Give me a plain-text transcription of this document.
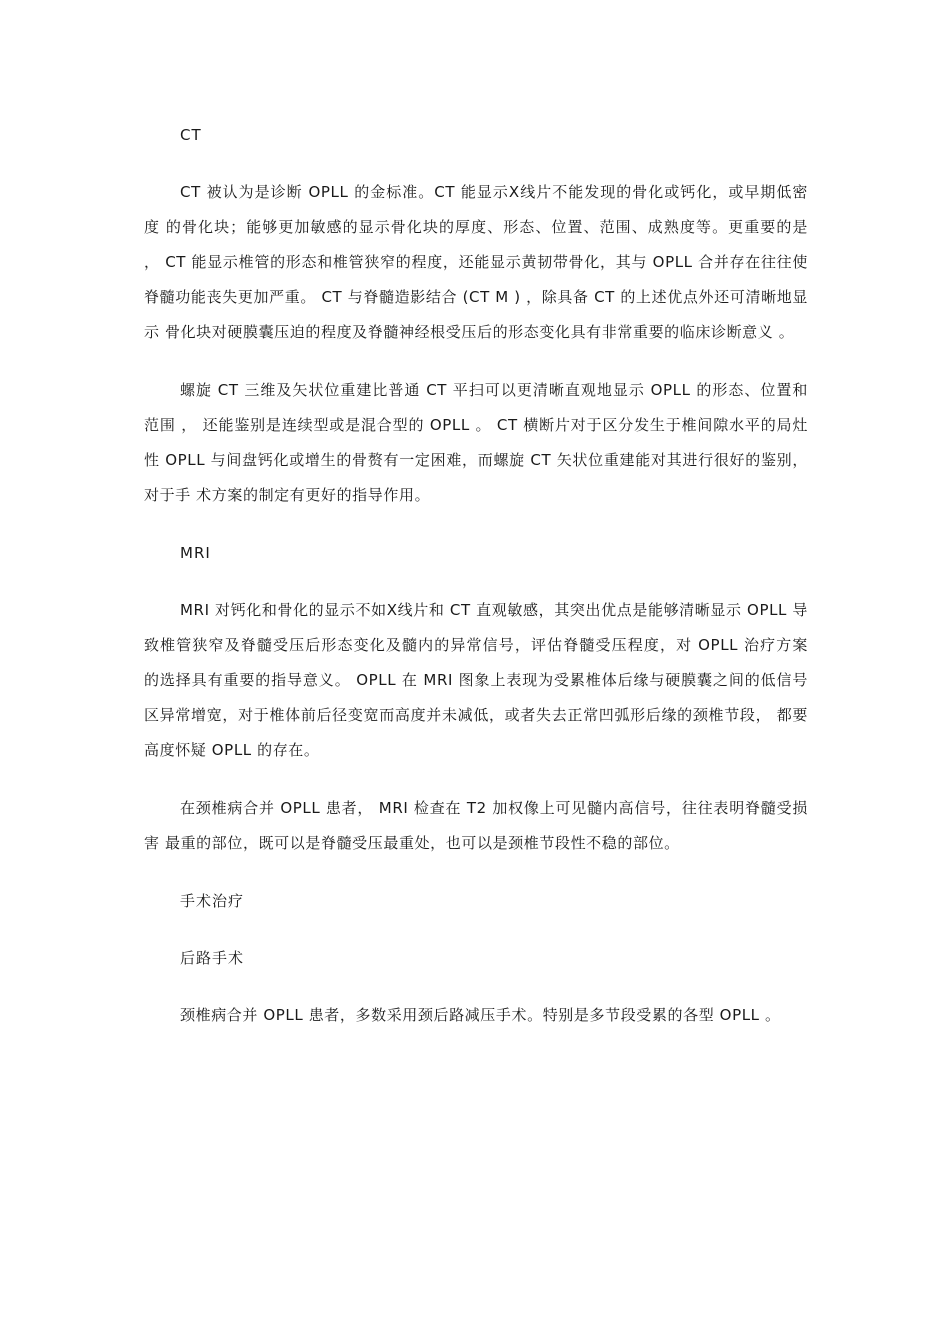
CT

CT 被认为是诊断 OPLL 的金标准。CT 能显示X线片不能发现的骨化或钙化，或早期低密度 的骨化块；能够更加敏感的显示骨化块的厚度、形态、位置、范围、成熟度等。更重要的是 ， CT 能显示椎管的形态和椎管狭窄的程度，还能显示黄韧带骨化，其与 OPLL 合并存在往往使 脊髓功能丧失更加严重。 CT 与脊髓造影结合 (CT M ) ，除具备 CT 的上述优点外还可清晰地显示 骨化块对硬膜囊压迫的程度及脊髓神经根受压后的形态变化具有非常重要的临床诊断意义 。

螺旋 CT 三维及矢状位重建比普通 CT 平扫可以更清晰直观地显示 OPLL 的形态、位置和范围 ， 还能鉴别是连续型或是混合型的 OPLL 。 CT 横断片对于区分发生于椎间隙水平的局灶性 OPLL 与间盘钙化或增生的骨赘有一定困难，而螺旋 CT 矢状位重建能对其进行很好的鉴别，对于手 术方案的制定有更好的指导作用。

MRI

MRI 对钙化和骨化的显示不如X线片和 CT 直观敏感，其突出优点是能够清晰显示 OPLL 导 致椎管狭窄及脊髓受压后形态变化及髓内的异常信号，评估脊髓受压程度，对 OPLL 治疗方案 的选择具有重要的指导意义。 OPLL 在 MRI 图象上表现为受累椎体后缘与硬膜囊之间的低信号 区异常增宽，对于椎体前后径变宽而高度并未减低，或者失去正常凹弧形后缘的颈椎节段， 都要高度怀疑 OPLL 的存在。

在颈椎病合并 OPLL 患者， MRI 检查在 T2 加权像上可见髓内高信号，往往表明脊髓受损害 最重的部位，既可以是脊髓受压最重处，也可以是颈椎节段性不稳的部位。

手术治疗
后路手术

颈椎病合并 OPLL 患者，多数采用颈后路减压手术。特别是多节段受累的各型 OPLL 。
